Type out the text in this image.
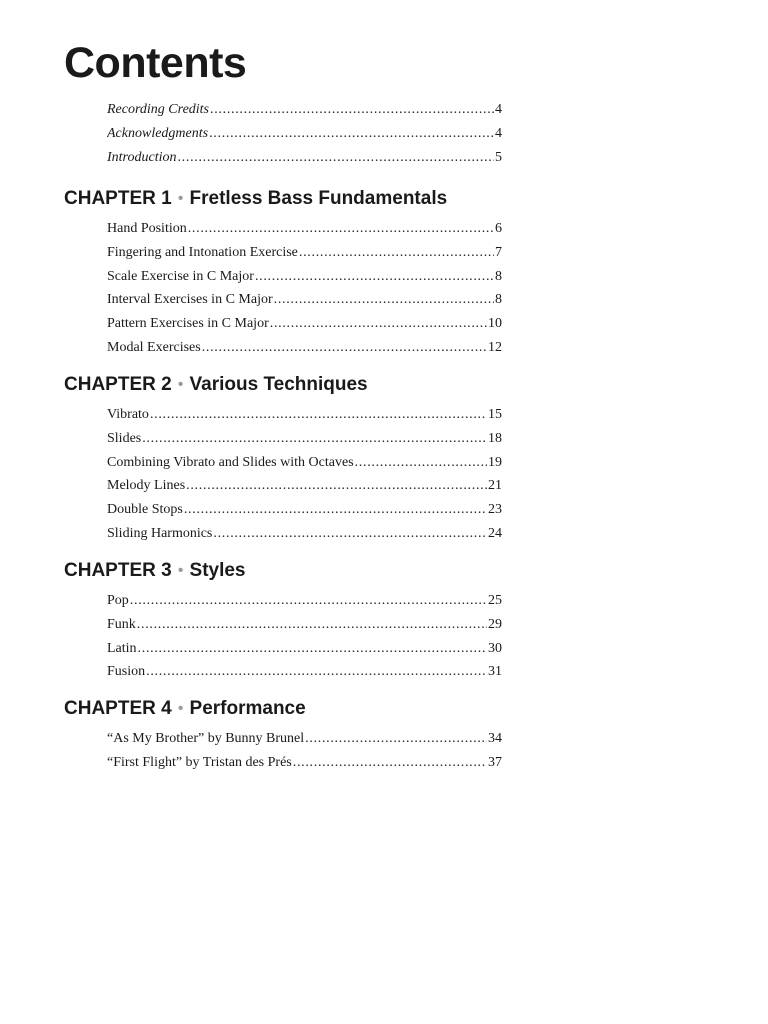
Contents
Recording Credits . . .	4
Acknowledgments . . .	4
Introduction . . .	5
CHAPTER 1 • Fretless Bass Fundamentals
Hand Position . . .	6
Fingering and Intonation Exercise . . .	7
Scale Exercise in C Major . . .	8
Interval Exercises in C Major . . .	8
Pattern Exercises in C Major . . .	10
Modal Exercises . . .	12
CHAPTER 2 • Various Techniques
Vibrato . . .	15
Slides . . .	18
Combining Vibrato and Slides with Octaves . . .	19
Melody Lines . . .	21
Double Stops . . .	23
Sliding Harmonics . . .	24
CHAPTER 3 • Styles
Pop . . .	25
Funk . . .	29
Latin . . .	30
Fusion . . .	31
CHAPTER 4 • Performance
“As My Brother” by Bunny Brunel . . .	34
“First Flight” by Tristan des Prés . . .	37
